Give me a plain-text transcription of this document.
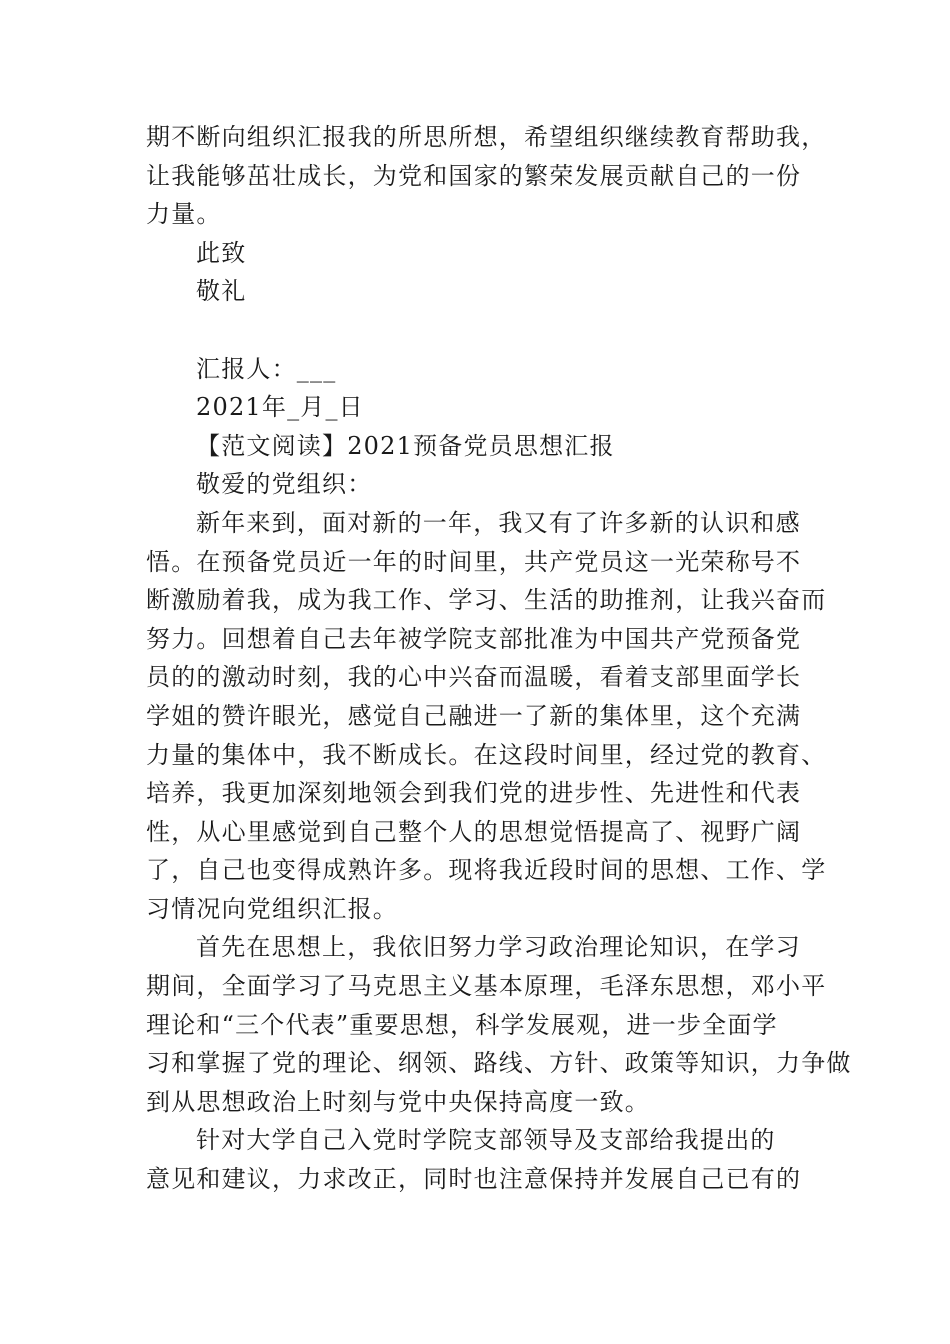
期不断向组织汇报我的所思所想，希望组织继续教育帮助我，
让我能够茁壮成长，为党和国家的繁荣发展贡献自己的一份
力量。
此致
敬礼
汇报人：___
2021年_月_日
【范文阅读】2021预备党员思想汇报
敬爱的党组织：
新年来到，面对新的一年，我又有了许多新的认识和感
悟。在预备党员近一年的时间里，共产党员这一光荣称号不
断激励着我，成为我工作、学习、生活的助推剂，让我兴奋而
努力。回想着自己去年被学院支部批准为中国共产党预备党
员的的激动时刻，我的心中兴奋而温暖，看着支部里面学长
学姐的赞许眼光，感觉自己融进一了新的集体里，这个充满
力量的集体中，我不断成长。在这段时间里，经过党的教育、
培养，我更加深刻地领会到我们党的进步性、先进性和代表
性，从心里感觉到自己整个人的思想觉悟提高了、视野广阔
了，自己也变得成熟许多。现将我近段时间的思想、工作、学
习情况向党组织汇报。
首先在思想上，我依旧努力学习政治理论知识，在学习
期间，全面学习了马克思主义基本原理，毛泽东思想，邓小平
理论和“三个代表”重要思想，科学发展观，进一步全面学
习和掌握了党的理论、纲领、路线、方针、政策等知识，力争做
到从思想政治上时刻与党中央保持高度一致。
针对大学自己入党时学院支部领导及支部给我提出的
意见和建议，力求改正，同时也注意保持并发展自己已有的
